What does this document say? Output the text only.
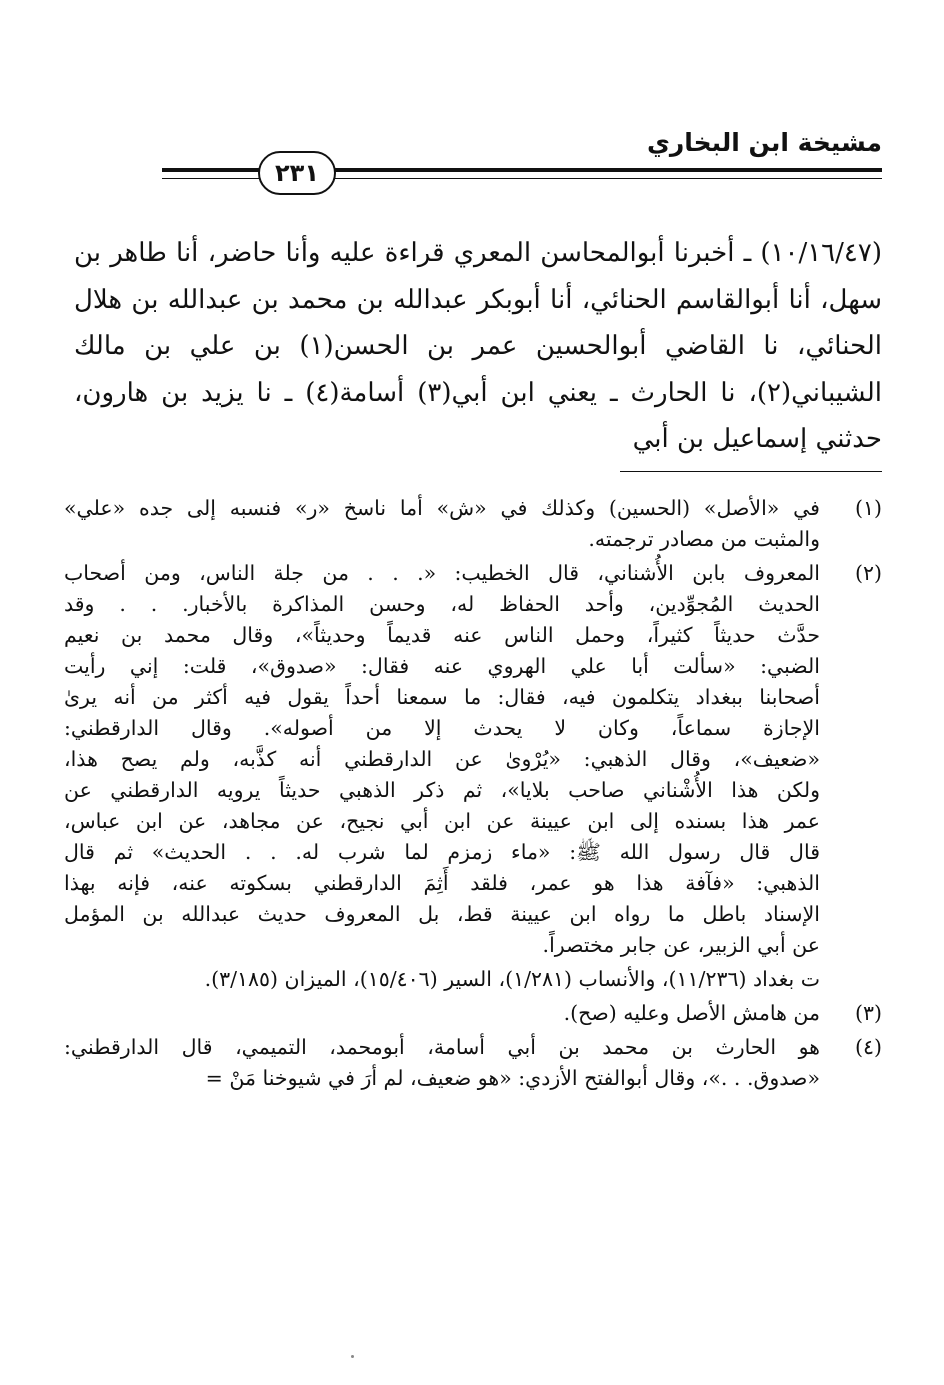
مشيخة ابن البخاري
٢٣١

(١٠/١٦/٤٧) ـ أخبرنا أبوالمحاسن المعري قراءة عليه وأنا حاضر، أنا طاهر بن سهل، أنا أبوالقاسم الحنائي، أنا أبوبكر عبدالله بن محمد بن عبدالله بن هلال الحنائي، نا القاضي أبوالحسين عمر بن الحسن(١) بن علي بن مالك الشيباني(٢)، نا الحارث ـ يعني ابن أبي(٣) أسامة(٤) ـ نا يزيد بن هارون، حدثني إسماعيل بن أبي

(١)
في «الأصل» (الحسين) وكذلك في «ش» أما ناسخ «ر» فنسبه إلى جده «علي»
والمثبت من مصادر ترجمته.
(٢)
المعروف بابن الأُشناني، قال الخطيب: «. . . من جلة الناس، ومن أصحاب
الحديث المُجوِّدين، وأحد الحفاظ له، وحسن المذاكرة بالأخبار. . . وقد
حدَّث حديثاً كثيراً، وحمل الناس عنه قديماً وحديثاً»، وقال محمد بن نعيم
الضبي: «سألت أبا علي الهروي عنه فقال: «صدوق»، قلت: إني رأيت
أصحابنا ببغداد يتكلمون فيه، فقال: ما سمعنا أحداً يقول فيه أكثر من أنه يرىٰ
الإجازة سماعاً، وكان لا يحدث إلا من أصوله». وقال الدارقطني:
«ضعيف»، وقال الذهبي: «يُرْوىٰ عن الدارقطني أنه كذَّبه، ولم يصح هذا،
ولكن هذا الأُشْناني صاحب بلايا»، ثم ذكر الذهبي حديثاً يرويه الدارقطني عن
عمر هذا بسنده إلى ابن عيينة عن ابن أبي نجيح، عن مجاهد، عن ابن عباس،
قال قال رسول الله ﷺ: «ماء زمزم لما شرب له. . . الحديث» ثم قال
الذهبي: «فآفة هذا هو عمر، فلقد أَثِمَ الدارقطني بسكوته عنه، فإنه بهذا
الإسناد باطل ما رواه ابن عيينة قط، بل المعروف حديث عبدالله بن المؤمل
عن أبي الزبير، عن جابر مختصراً.
ت بغداد (١١/٢٣٦)، والأنساب (١/٢٨١)، السير (١٥/٤٠٦)، الميزان (٣/١٨٥).
(٣)
من هامش الأصل وعليه (صح).
(٤)
هو الحارث بن محمد بن أبي أسامة، أبومحمد، التميمي، قال الدارقطني:
«صدوق. . .»، وقال أبوالفتح الأزدي: «هو ضعيف، لم أرَ في شيوخنا مَنْ =
